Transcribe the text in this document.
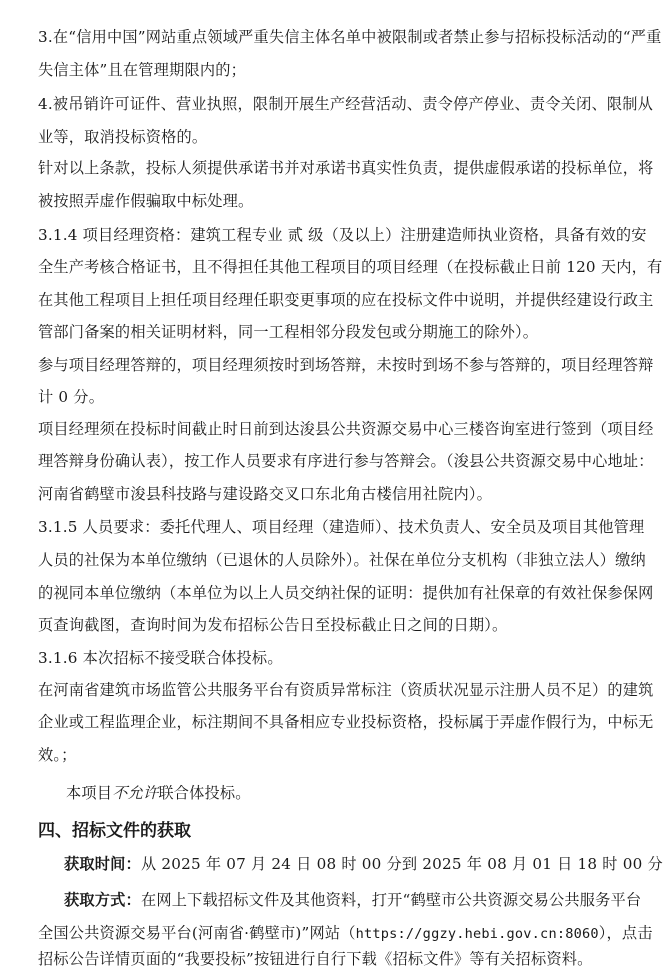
3.在“信用中国”网站重点领域严重失信主体名单中被限制或者禁止参与招标投标活动的“严重
失信主体”且在管理期限内的；
4.被吊销许可证件、营业执照，限制开展生产经营活动、责令停产停业、责令关闭、限制从
业等，取消投标资格的。
针对以上条款，投标人须提供承诺书并对承诺书真实性负责，提供虚假承诺的投标单位，将
被按照弄虚作假骗取中标处理。
3.1.4 项目经理资格：建筑工程专业 贰 级（及以上）注册建造师执业资格，具备有效的安
全生产考核合格证书，且不得担任其他工程项目的项目经理（在投标截止日前 120 天内，有
在其他工程项目上担任项目经理任职变更事项的应在投标文件中说明，并提供经建设行政主
管部门备案的相关证明材料，同一工程相邻分段发包或分期施工的除外）。
参与项目经理答辩的，项目经理须按时到场答辩，未按时到场不参与答辩的，项目经理答辩
计 0 分。
项目经理须在投标时间截止时日前到达浚县公共资源交易中心三楼咨询室进行签到（项目经
理答辩身份确认表），按工作人员要求有序进行参与答辩会。（浚县公共资源交易中心地址：
河南省鹤壁市浚县科技路与建设路交叉口东北角古楼信用社院内）。
3.1.5 人员要求：委托代理人、项目经理（建造师）、技术负责人、安全员及项目其他管理
人员的社保为本单位缴纳（已退休的人员除外）。社保在单位分支机构（非独立法人）缴纳
的视同本单位缴纳（本单位为以上人员交纳社保的证明：提供加有社保章的有效社保参保网
页查询截图，查询时间为发布招标公告日至投标截止日之间的日期）。
3.1.6 本次招标不接受联合体投标。
在河南省建筑市场监管公共服务平台有资质异常标注（资质状况显示注册人员不足）的建筑
企业或工程监理企业，标注期间不具备相应专业投标资格，投标属于弄虚作假行为，中标无
效。；
本项目不允许联合体投标。
四、招标文件的获取
获取时间：从 2025 年 07 月 24 日 08 时 00 分到 2025 年 08 月 01 日 18 时 00 分
获取方式：在网上下载招标文件及其他资料，打开“鹤壁市公共资源交易公共服务平台
全国公共资源交易平台(河南省·鹤壁市)”网站（https://ggzy.hebi.gov.cn:8060），点击
招标公告详情页面的“我要投标”按钮进行自行下载《招标文件》等有关招标资料。
